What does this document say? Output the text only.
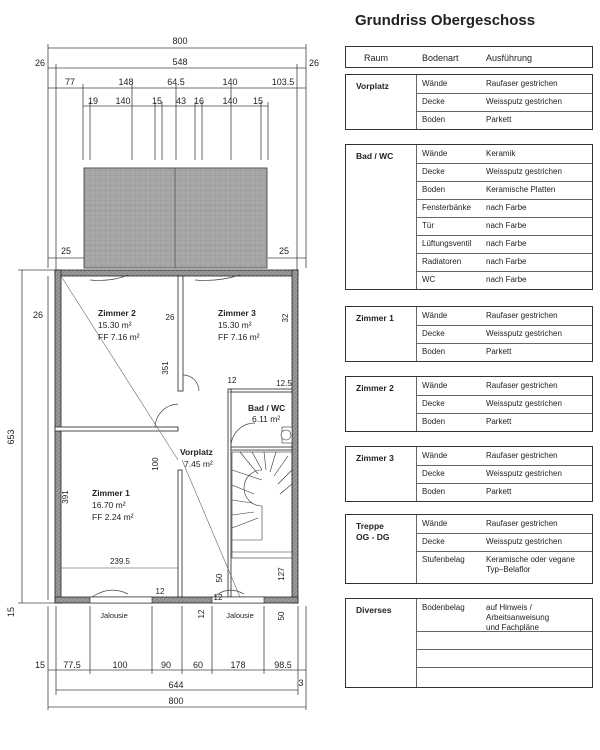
800
26	548	26
77	148	64.5	140	103.5
19 140 15 43 16 140 15
25	25
653
26
391
15
26	32
351
12	12.5
100
239.5
127
50
12
12
12
50
Zimmer 2
15.30 m²
FF 7.16 m²
Zimmer 3
15.30 m²
FF 7.16 m²
Bad / WC
6.11 m²
Vorplatz
7.45 m²
Zimmer 1
16.70 m²
FF 2.24 m²
Jalousie	Jalousie
15 77.5	100	90 60	178	98.5
644	3
800
Grundriss Obergeschoss
Raum	Bodenart	Ausführung
Vorplatz	Wände	Raufaser gestrichen
Decke	Weissputz gestrichen
Boden	Parkett
Bad / WC	Wände	Keramik
Decke	Weissputz gestrichen
Boden	Keramische Platten
Fensterbänke nach Farbe
Tür	nach Farbe
Lüftungsventil nach Farbe
Radiatoren	nach Farbe
WC	nach Farbe
Zimmer 1	Wände	Raufaser gestrichen
Decke	Weissputz gestrichen
Boden	Parkett
Zimmer 2	Wände	Raufaser gestrichen
Decke	Weissputz gestrichen
Boden	Parkett
Zimmer 3	Wände	Raufaser gestrichen
Decke	Weissputz gestrichen
Boden	Parkett
Treppe
OG - DG
Wände	Raufaser gestrichen
Decke	Weissputz gestrichen
Stufenbelag	Keramische oder vegane
Typ–Belaflor
Diverses	Bodenbelag	auf Hinweis / Arbeitsanweisung
und Fachpläne
